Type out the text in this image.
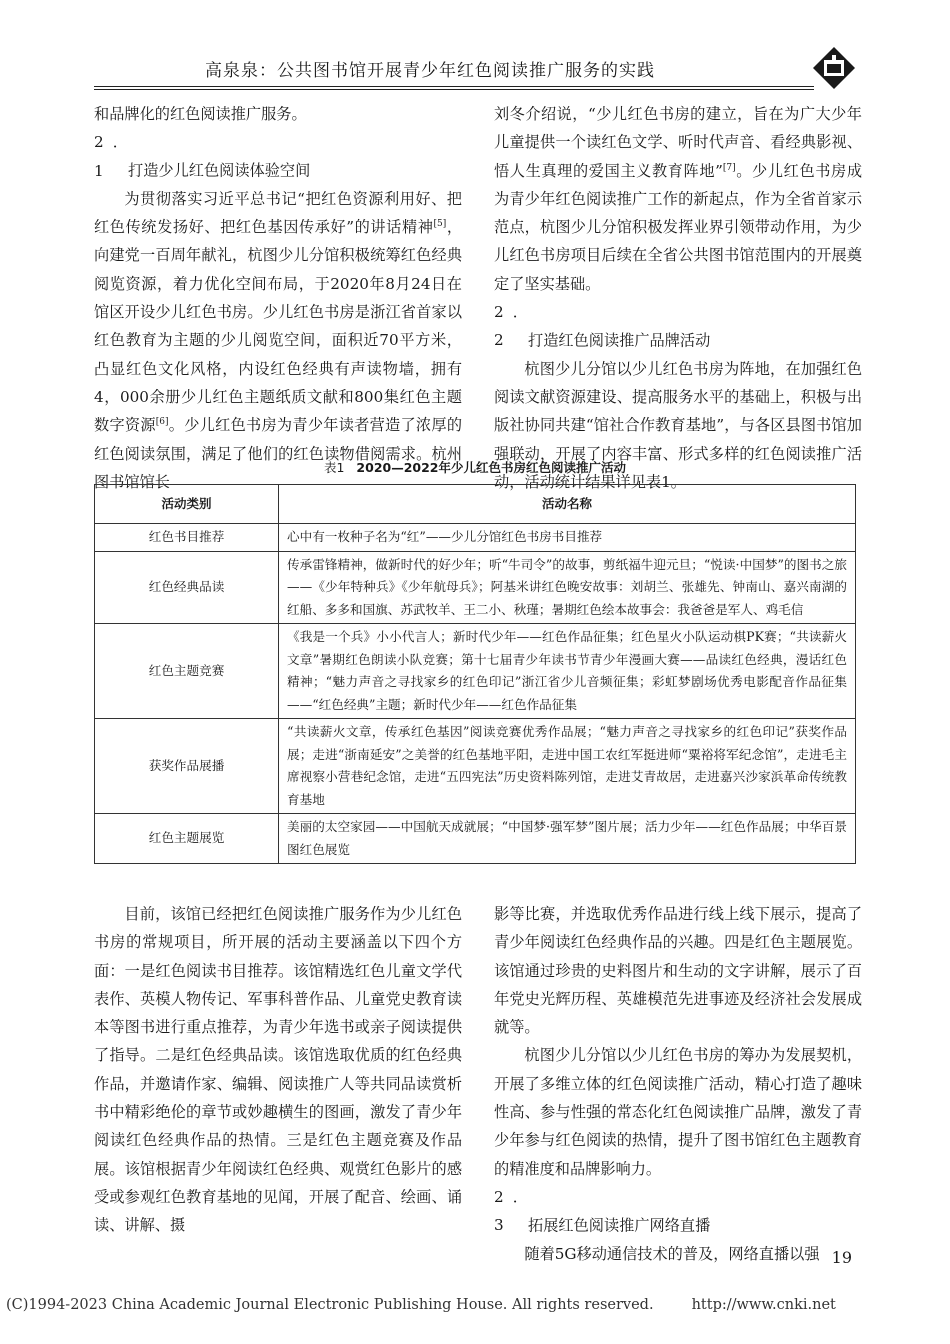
高泉泉：公共图书馆开展青少年红色阅读推广服务的实践

和品牌化的红色阅读推广服务。

2．1 打造少儿红色阅读体验空间

为贯彻落实习近平总书记“把红色资源利用好、把红色传统发扬好、把红色基因传承好”的讲话精神[5]，向建党一百周年献礼，杭图少儿分馆积极统筹红色经典阅览资源，着力优化空间布局，于2020年8月24日在馆区开设少儿红色书房。少儿红色书房是浙江省首家以红色教育为主题的少儿阅览空间，面积近70平方米，凸显红色文化风格，内设红色经典有声读物墙，拥有4，000余册少儿红色主题纸质文献和800集红色主题数字资源[6]。少儿红色书房为青少年读者营造了浓厚的红色阅读氛围，满足了他们的红色读物借阅需求。杭州图书馆馆长

刘冬介绍说，“少儿红色书房的建立，旨在为广大少年儿童提供一个读红色文学、听时代声音、看经典影视、悟人生真理的爱国主义教育阵地”[7]。少儿红色书房成为青少年红色阅读推广工作的新起点，作为全省首家示范点，杭图少儿分馆积极发挥业界引领带动作用，为少儿红色书房项目后续在全省公共图书馆范围内的开展奠定了坚实基础。

2．2 打造红色阅读推广品牌活动

杭图少儿分馆以少儿红色书房为阵地，在加强红色阅读文献资源建设、提高服务水平的基础上，积极与出版社协同共建“馆社合作教育基地”，与各区县图书馆加强联动，开展了内容丰富、形式多样的红色阅读推广活动，活动统计结果详见表1。

表1 2020—2022年少儿红色书房红色阅读推广活动
活动类别	活动名称
红色书目推荐	心中有一枚种子名为“红”——少儿分馆红色书房书目推荐
红色经典品读	传承雷锋精神，做新时代的好少年；听“牛司令”的故事，剪纸福牛迎元旦；“悦读·中国梦”的图书之旅——《少年特种兵》《少年航母兵》；阿基米讲红色晚安故事：刘胡兰、张雄先、钟南山、嘉兴南湖的红船、多多和国旗、苏武牧羊、王二小、秋瑾；暑期红色绘本故事会：我爸爸是军人、鸡毛信
红色主题竞赛	《我是一个兵》小小代言人；新时代少年——红色作品征集；红色星火小队运动棋PK赛；“共读薪火文章”暑期红色朗读小队竞赛；第十七届青少年读书节青少年漫画大赛——品读红色经典，漫话红色精神；“魅力声音之寻找家乡的红色印记”浙江省少儿音频征集；彩虹梦剧场优秀电影配音作品征集——“红色经典”主题；新时代少年——红色作品征集
获奖作品展播	“共读薪火文章，传承红色基因”阅读竞赛优秀作品展；“魅力声音之寻找家乡的红色印记”获奖作品展；走进“浙南延安”之美誉的红色基地平阳，走进中国工农红军挺进师“粟裕将军纪念馆”，走进毛主席视察小营巷纪念馆，走进“五四宪法”历史资料陈列馆，走进艾青故居，走进嘉兴沙家浜革命传统教育基地
红色主题展览	美丽的太空家园——中国航天成就展；“中国梦·强军梦”图片展；活力少年——红色作品展；中华百景图红色展览

目前，该馆已经把红色阅读推广服务作为少儿红色书房的常规项目，所开展的活动主要涵盖以下四个方面：一是红色阅读书目推荐。该馆精选红色儿童文学代表作、英模人物传记、军事科普作品、儿童党史教育读本等图书进行重点推荐，为青少年选书或亲子阅读提供了指导。二是红色经典品读。该馆选取优质的红色经典作品，并邀请作家、编辑、阅读推广人等共同品读赏析书中精彩绝伦的章节或妙趣横生的图画，激发了青少年阅读红色经典作品的热情。三是红色主题竞赛及作品展。该馆根据青少年阅读红色经典、观赏红色影片的感受或参观红色教育基地的见闻，开展了配音、绘画、诵读、讲解、摄

影等比赛，并选取优秀作品进行线上线下展示，提高了青少年阅读红色经典作品的兴趣。四是红色主题展览。该馆通过珍贵的史料图片和生动的文字讲解，展示了百年党史光辉历程、英雄模范先进事迹及经济社会发展成就等。

杭图少儿分馆以少儿红色书房的筹办为发展契机，开展了多维立体的红色阅读推广活动，精心打造了趣味性高、参与性强的常态化红色阅读推广品牌，激发了青少年参与红色阅读的热情，提升了图书馆红色主题教育的精准度和品牌影响力。

2．3 拓展红色阅读推广网络直播

随着5G移动通信技术的普及，网络直播以强 19
(C)1994-2023 China Academic Journal Electronic Publishing House. All rights reserved.	http://www.cnki.net
